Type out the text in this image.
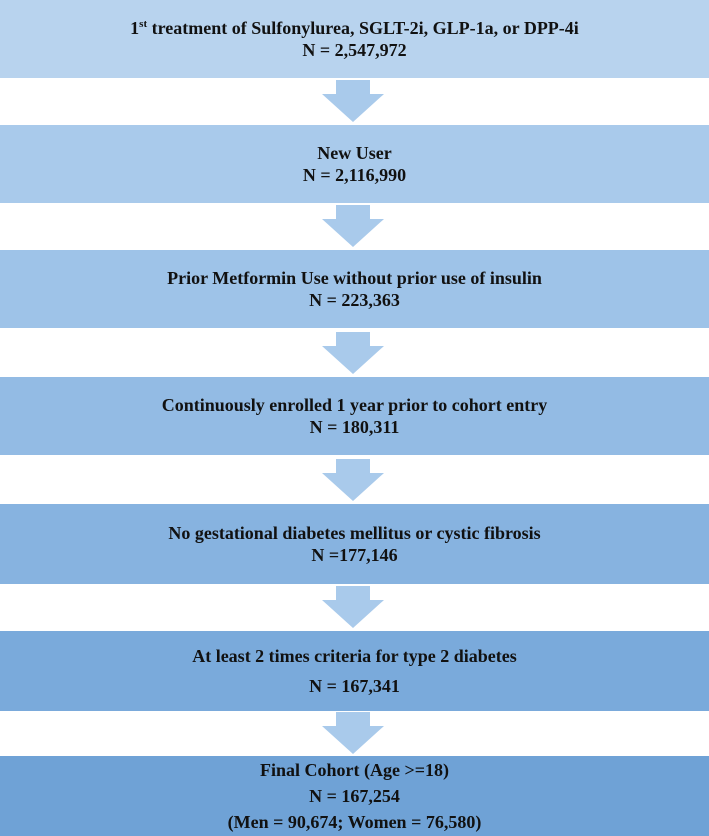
1st treatment of Sulfonylurea, SGLT-2i, GLP-1a, or DPP-4i
N = 2,547,972
New User
N = 2,116,990
Prior Metformin Use without prior use of insulin
N = 223,363
Continuously enrolled 1 year prior to cohort entry
N = 180,311
No gestational diabetes mellitus or cystic fibrosis
N =177,146
At least 2 times criteria for type 2 diabetes
N = 167,341
Final Cohort (Age >=18)
N = 167,254
(Men = 90,674; Women = 76,580)
